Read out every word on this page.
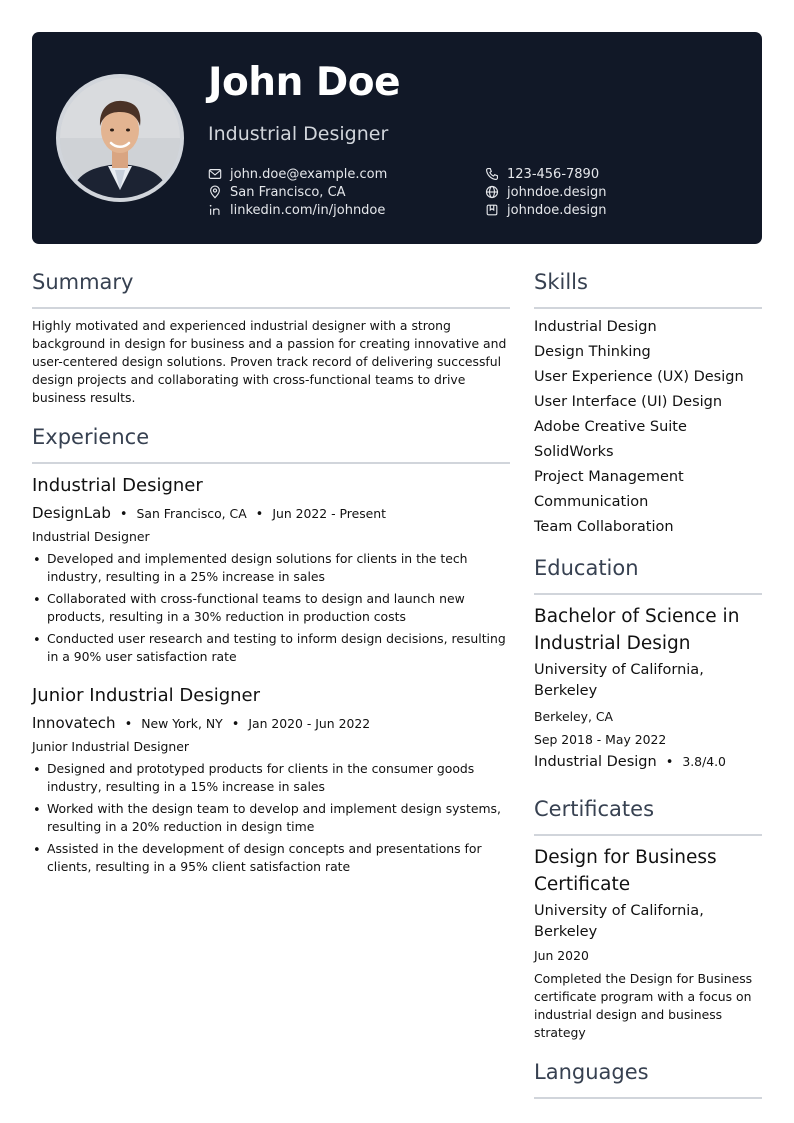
John Doe
Industrial Designer
john.doe@example.com
San Francisco, CA
linkedin.com/in/johndoe
123-456-7890
johndoe.design
johndoe.design
Summary
Highly motivated and experienced industrial designer with a strong background in design for business and a passion for creating innovative and user-centered design solutions. Proven track record of delivering successful design projects and collaborating with cross-functional teams to drive business results.
Experience
Industrial Designer
DesignLab • San Francisco, CA • Jun 2022 - Present
Industrial Designer
• Developed and implemented design solutions for clients in the tech industry, resulting in a 25% increase in sales
• Collaborated with cross-functional teams to design and launch new products, resulting in a 30% reduction in production costs
• Conducted user research and testing to inform design decisions, resulting in a 90% user satisfaction rate
Junior Industrial Designer
Innovatech • New York, NY • Jan 2020 - Jun 2022
Junior Industrial Designer
• Designed and prototyped products for clients in the consumer goods industry, resulting in a 15% increase in sales
• Worked with the design team to develop and implement design systems, resulting in a 20% reduction in design time
• Assisted in the development of design concepts and presentations for clients, resulting in a 95% client satisfaction rate
Skills
Industrial Design
Design Thinking
User Experience (UX) Design
User Interface (UI) Design
Adobe Creative Suite
SolidWorks
Project Management
Communication
Team Collaboration
Education
Bachelor of Science in Industrial Design
University of California, Berkeley
Berkeley, CA
Sep 2018 - May 2022
Industrial Design • 3.8/4.0
Certificates
Design for Business Certificate
University of California, Berkeley
Jun 2020
Completed the Design for Business certificate program with a focus on industrial design and business strategy
Languages
